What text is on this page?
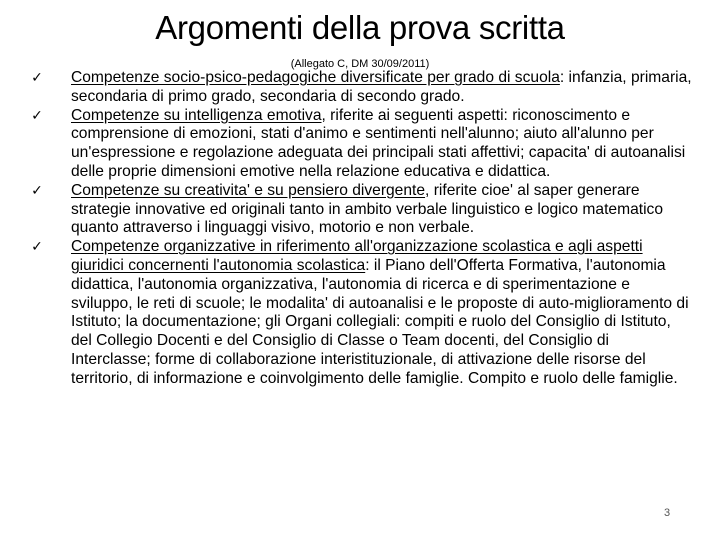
Argomenti della prova scritta
(Allegato C, DM 30/09/2011)
✓ Competenze socio-psico-pedagogiche diversificate per grado di scuola: infanzia, primaria, secondaria di primo grado, secondaria di secondo grado.
✓ Competenze su intelligenza emotiva, riferite ai seguenti aspetti: riconoscimento e comprensione di emozioni, stati d'animo e sentimenti nell'alunno; aiuto all'alunno per un'espressione e regolazione adeguata dei principali stati affettivi; capacita' di autoanalisi delle proprie dimensioni emotive nella relazione educativa e didattica.
✓ Competenze su creativita' e su pensiero divergente, riferite cioe' al saper generare strategie innovative ed originali tanto in ambito verbale linguistico e logico matematico quanto attraverso i linguaggi visivo, motorio e non verbale.
✓ Competenze organizzative in riferimento all'organizzazione scolastica e agli aspetti giuridici concernenti l'autonomia scolastica: il Piano dell'Offerta Formativa, l'autonomia didattica, l'autonomia organizzativa, l'autonomia di ricerca e di sperimentazione e sviluppo, le reti di scuole; le modalita' di autoanalisi e le proposte di auto-miglioramento di Istituto; la documentazione; gli Organi collegiali: compiti e ruolo del Consiglio di Istituto, del Collegio Docenti e del Consiglio di Classe o Team docenti, del Consiglio di Interclasse; forme di collaborazione interistituzionale, di attivazione delle risorse del territorio, di informazione e coinvolgimento delle famiglie. Compito e ruolo delle famiglie.
3
